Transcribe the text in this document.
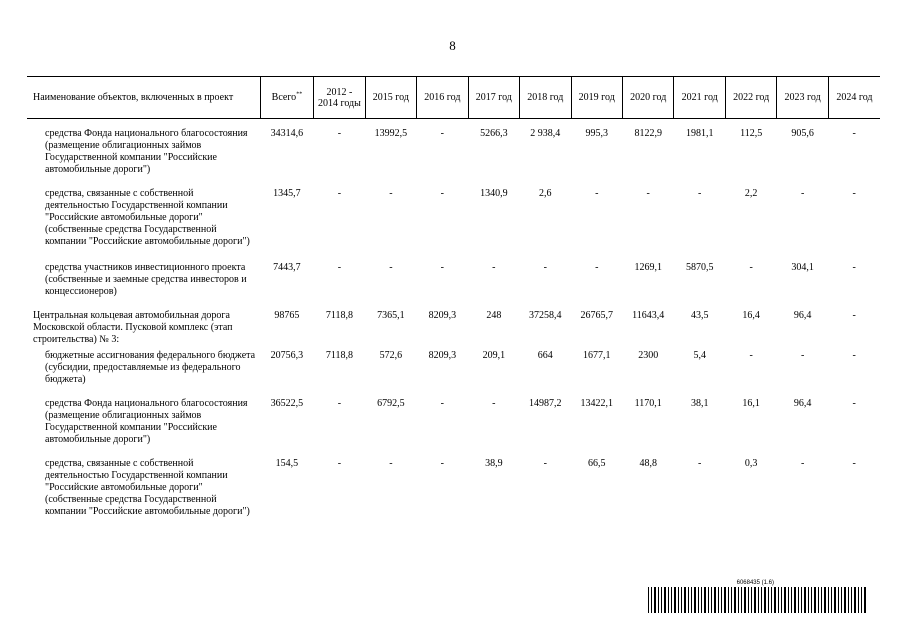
8
Наименование объектов, включенных в проект	Всего**	2012 - 2014 годы	2015 год	2016 год	2017 год	2018 год	2019 год	2020 год	2021 год	2022 год	2023 год	2024 год
средства Фонда национального благосостояния (размещение облигационных займов Государственной компании "Российские автомобильные дороги")	34314,6	-	13992,5	-	5266,3	2 938,4	995,3	8122,9	1981,1	112,5	905,6	-
средства, связанные с собственной деятельностью Государственной компании "Российские автомобильные дороги" (собственные средства Государственной компании "Российские автомобильные дороги")	1345,7	-	-	-	1340,9	2,6	-	-	-	2,2	-	-
средства участников инвестиционного проекта (собственные и заемные средства инвесторов и концессионеров)	7443,7	-	-	-	-	-	-	1269,1	5870,5	-	304,1	-
Центральная кольцевая автомобильная дорога Московской области. Пусковой комплекс (этап строительства) № 3:	98765	7118,8	7365,1	8209,3	248	37258,4	26765,7	11643,4	43,5	16,4	96,4	-
бюджетные ассигнования федерального бюджета (субсидии, предоставляемые из федерального бюджета)	20756,3	7118,8	572,6	8209,3	209,1	664	1677,1	2300	5,4	-	-	-
средства Фонда национального благосостояния (размещение облигационных займов Государственной компании "Российские автомобильные дороги")	36522,5	-	6792,5	-	-	14987,2	13422,1	1170,1	38,1	16,1	96,4	-
средства, связанные с собственной деятельностью Государственной компании "Российские автомобильные дороги" (собственные средства Государственной компании "Российские автомобильные дороги")	154,5	-	-	-	38,9	-	66,5	48,8	-	0,3	-	-
6068435 (1.6)
